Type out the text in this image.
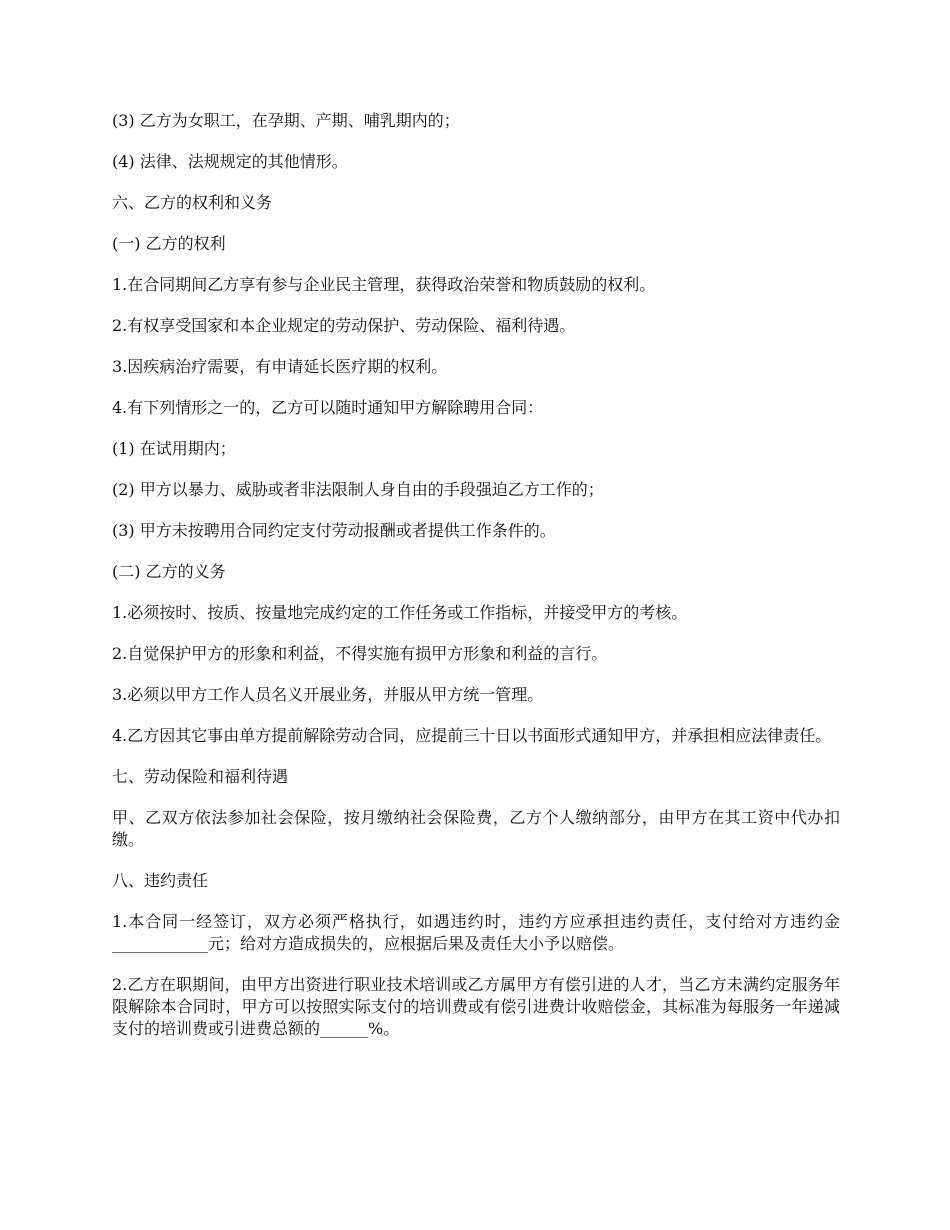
(3) 乙方为女职工，在孕期、产期、哺乳期内的；

(4) 法律、法规规定的其他情形。

六、乙方的权利和义务

(一) 乙方的权利

1.在合同期间乙方享有参与企业民主管理，获得政治荣誉和物质鼓励的权利。

2.有权享受国家和本企业规定的劳动保护、劳动保险、福利待遇。

3.因疾病治疗需要，有申请延长医疗期的权利。

4.有下列情形之一的，乙方可以随时通知甲方解除聘用合同：

(1) 在试用期内；

(2) 甲方以暴力、威胁或者非法限制人身自由的手段强迫乙方工作的；

(3) 甲方未按聘用合同约定支付劳动报酬或者提供工作条件的。

(二) 乙方的义务

1.必须按时、按质、按量地完成约定的工作任务或工作指标，并接受甲方的考核。

2.自觉保护甲方的形象和利益，不得实施有损甲方形象和利益的言行。

3.必须以甲方工作人员名义开展业务，并服从甲方统一管理。

4.乙方因其它事由单方提前解除劳动合同，应提前三十日以书面形式通知甲方，并承担相应法律责任。

七、劳动保险和福利待遇

甲、乙双方依法参加社会保险，按月缴纳社会保险费，乙方个人缴纳部分，由甲方在其工资中代办扣缴。

八、违约责任

1.本合同一经签订，双方必须严格执行，如遇违约时，违约方应承担违约责任，支付给对方违约金____________元；给对方造成损失的，应根据后果及责任大小予以赔偿。

2.乙方在职期间，由甲方出资进行职业技术培训或乙方属甲方有偿引进的人才，当乙方未满约定服务年限解除本合同时，甲方可以按照实际支付的培训费或有偿引进费计收赔偿金，其标准为每服务一年递减支付的培训费或引进费总额的______%。
